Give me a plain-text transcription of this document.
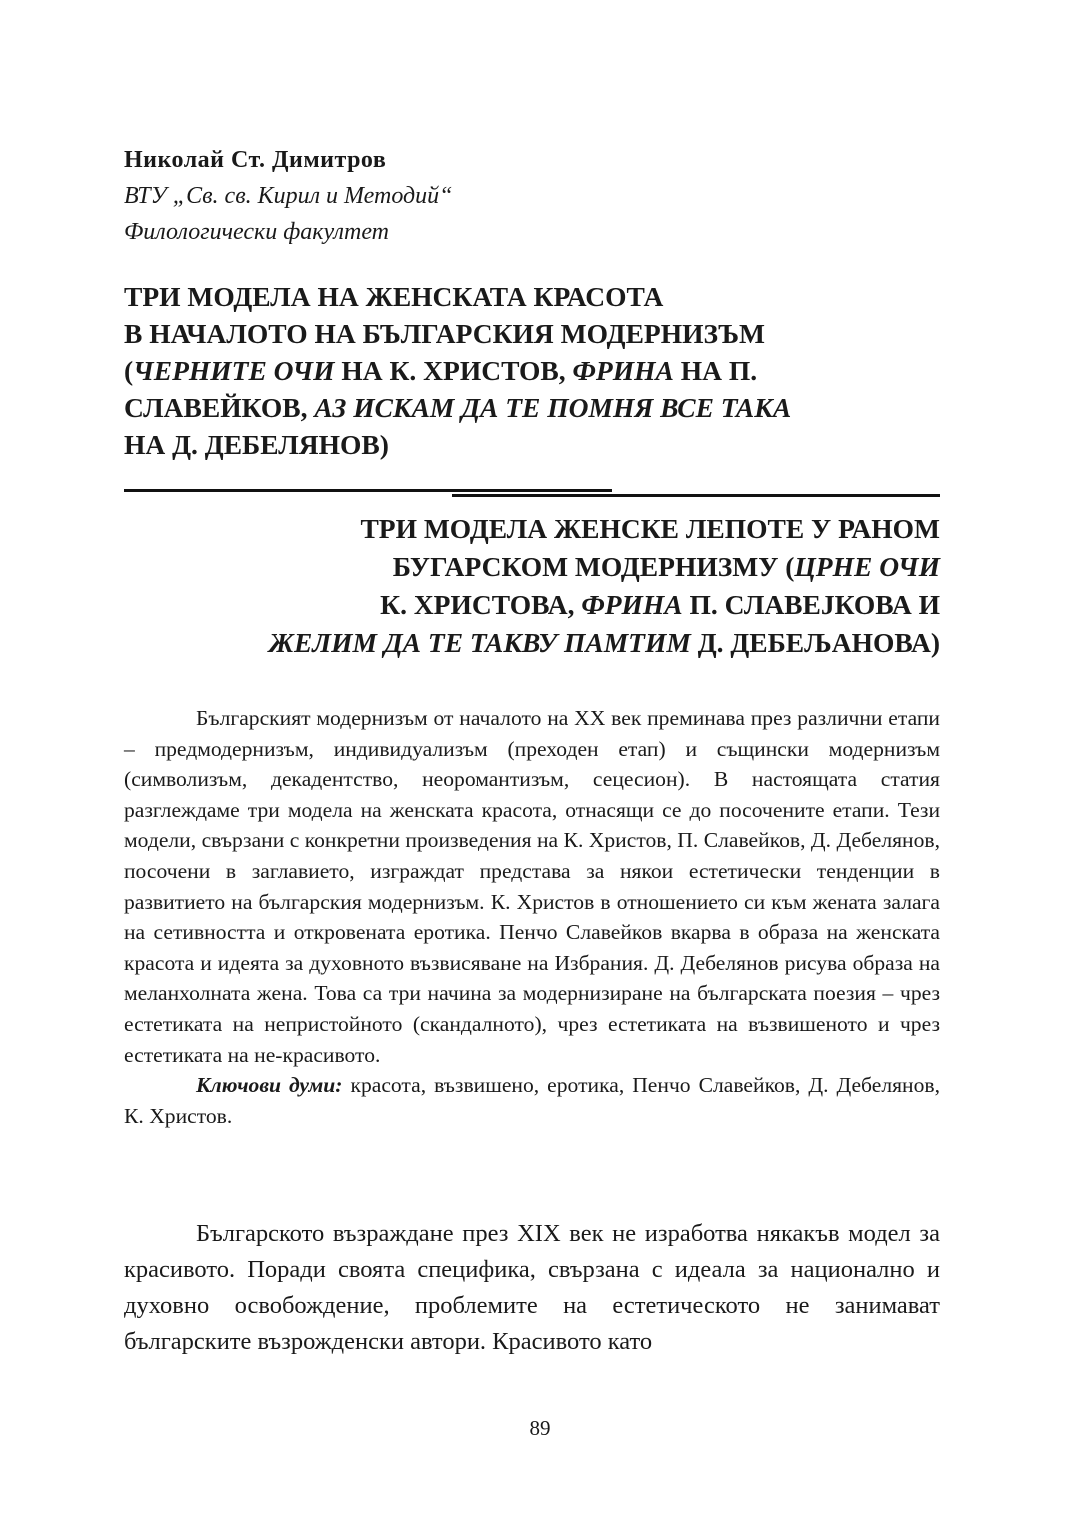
Николай Ст. Димитров
ВТУ „Св. св. Кирил и Методий“
Филологически факултет
ТРИ МОДЕЛА НА ЖЕНСКАТА КРАСОТА
В НАЧАЛОТО НА БЪЛГАРСКИЯ МОДЕРНИЗЪМ
(ЧЕРНИТЕ ОЧИ НА К. ХРИСТОВ, ФРИНА НА П.
СЛАВЕЙКОВ, АЗ ИСКАМ ДА ТЕ ПОМНЯ ВСЕ ТАКА
НА Д. ДЕБЕЛЯНОВ)
ТРИ МОДЕЛА ЖЕНСКЕ ЛЕПОТЕ У РАНОМ
БУГАРСКОМ МОДЕРНИЗМУ (ЦРНЕ ОЧИ
К. ХРИСТОВА, ФРИНА П. СЛАВЕЈКОВА И
ЖЕЛИМ ДА ТЕ ТАКВУ ПАМТИМ Д. ДЕБЕЉАНОВА)

Българският модернизъм от началото на ХХ век преминава през различни етапи – предмодернизъм, индивидуализъм (преходен етап) и същински модернизъм (символизъм, декадентство, неоромантизъм, сецесион). В настоящата статия разглеждаме три модела на женската красота, отнасящи се до посочените етапи. Тези модели, свързани с конкретни произведения на К. Христов, П. Славейков, Д. Дебелянов, посочени в заглавието, изграждат представа за някои естетически тенденции в развитието на българския модернизъм. К. Христов в отношението си към жената залага на сетивността и откровената еротика. Пенчо Славейков вкарва в образа на женската красота и идеята за духовното възвисяване на Избрания. Д. Дебелянов рисува образа на меланхолната жена. Това са три начина за модернизиране на българската поезия – чрез естетиката на непристойното (скандалното), чрез естетиката на възвишеното и чрез естетиката на не-красивото.

Ключови думи: красота, възвишено, еротика, Пенчо Славейков, Д. Дебелянов, К. Христов.

Българското възраждане през ХІХ век не изработва някакъв модел за красивото. Поради своята специфика, свързана с идеала за национално и духовно освобождение, проблемите на естетическото не занимават българските възрожденски автори. Красивото като

89
